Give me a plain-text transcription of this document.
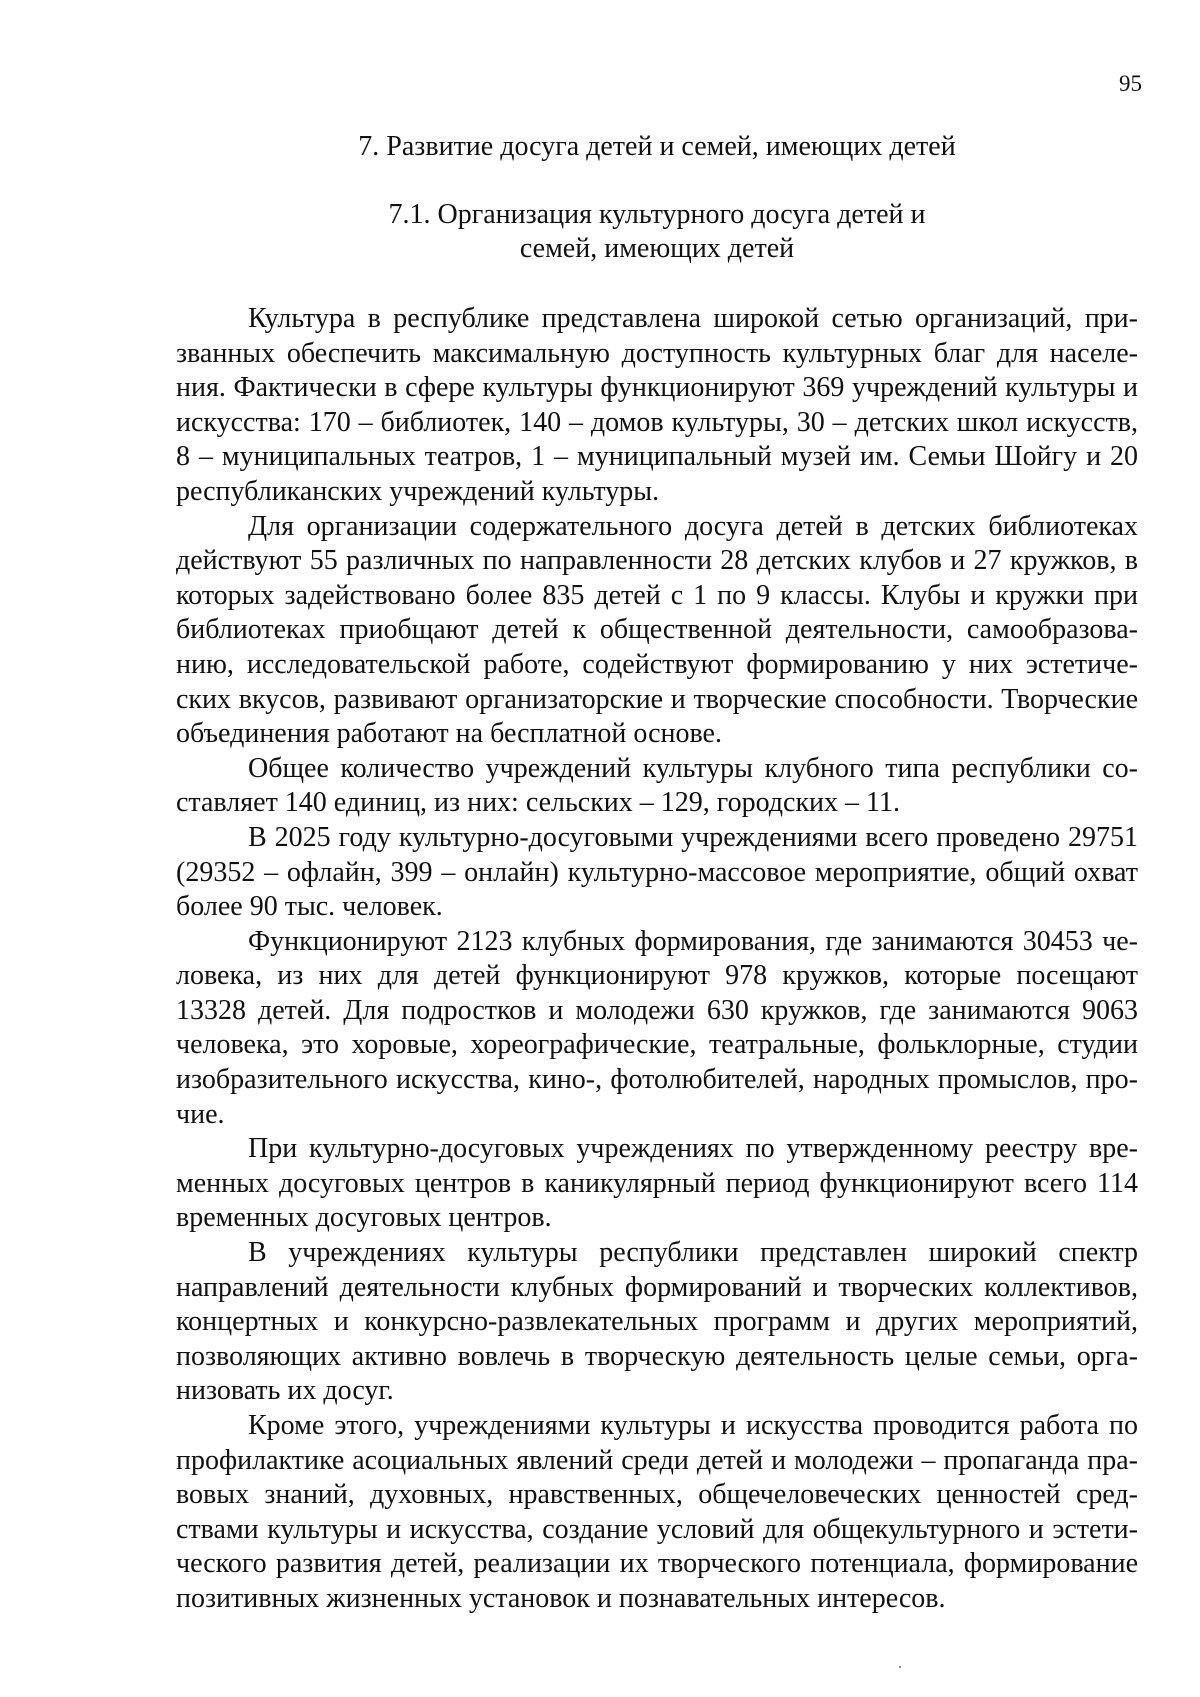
95
7. Развитие досуга детей и семей, имеющих детей
7.1. Организация культурного досуга детей и
семей, имеющих детей

Культура в республике представлена широкой сетью организаций, призванных обеспечить максимальную доступность культурных благ для населения. Фактически в сфере культуры функционируют 369 учреждений культуры и искусства: 170 – библиотек, 140 – домов культуры, 30 – детских школ искусств, 8 – муниципальных театров, 1 – муниципальный музей им. Семьи Шойгу и 20 республиканских учреждений культуры.

Для организации содержательного досуга детей в детских библиотеках действуют 55 различных по направленности 28 детских клубов и 27 кружков, в которых задействовано более 835 детей с 1 по 9 классы. Клубы и кружки при библиотеках приобщают детей к общественной деятельности, самообразованию, исследовательской работе, содействуют формированию у них эстетических вкусов, развивают организаторские и творческие способности. Творческие объединения работают на бесплатной основе.

Общее количество учреждений культуры клубного типа республики составляет 140 единиц, из них: сельских – 129, городских – 11.

В 2025 году культурно-досуговыми учреждениями всего проведено 29751 (29352 – офлайн, 399 – онлайн) культурно-массовое мероприятие, общий охват более 90 тыс. человек.

Функционируют 2123 клубных формирования, где занимаются 30453 человека, из них для детей функционируют 978 кружков, которые посещают 13328 детей. Для подростков и молодежи 630 кружков, где занимаются 9063 человека, это хоровые, хореографические, театральные, фольклорные, студии изобразительного искусства, кино-, фотолюбителей, народных промыслов, прочие.

При культурно-досуговых учреждениях по утвержденному реестру временных досуговых центров в каникулярный период функционируют всего 114 временных досуговых центров.

В учреждениях культуры республики представлен широкий спектр направлений деятельности клубных формирований и творческих коллективов, концертных и конкурсно-развлекательных программ и других мероприятий, позволяющих активно вовлечь в творческую деятельность целые семьи, организовать их досуг.

Кроме этого, учреждениями культуры и искусства проводится работа по профилактике асоциальных явлений среди детей и молодежи – пропаганда правовых знаний, духовных, нравственных, общечеловеческих ценностей средствами культуры и искусства, создание условий для общекультурного и эстетического развития детей, реализации их творческого потенциала, формирование позитивных жизненных установок и познавательных интересов.
